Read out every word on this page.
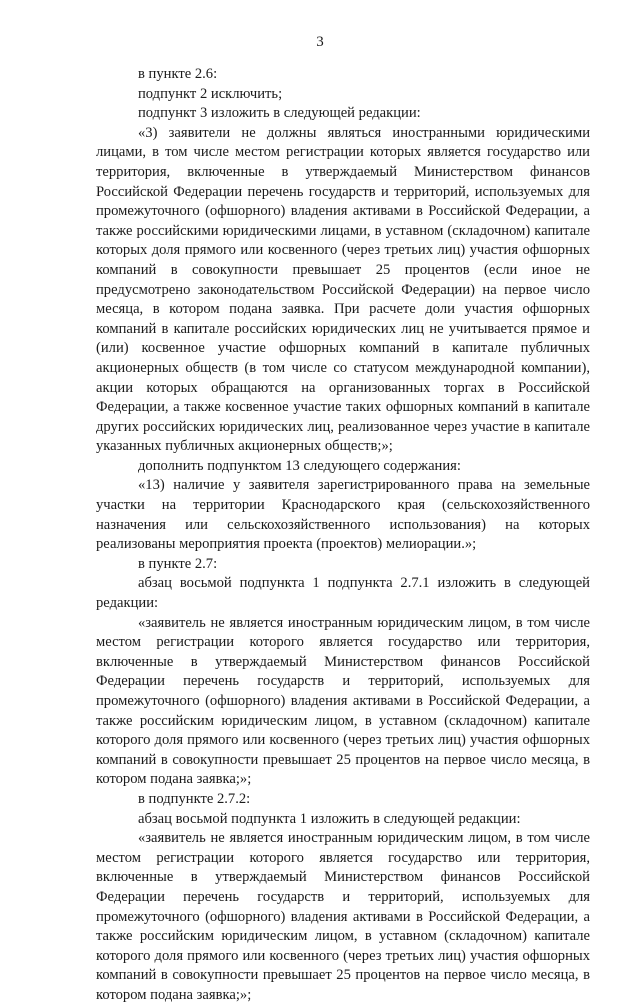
3

в пункте 2.6:

подпункт 2 исключить;

подпункт 3 изложить в следующей редакции:

«3) заявители не должны являться иностранными юридическими лицами, в том числе местом регистрации которых является государство или территория, включенные в утверждаемый Министерством финансов Российской Федерации перечень государств и территорий, используемых для промежуточного (офшорного) владения активами в Российской Федерации, а также российскими юридическими лицами, в уставном (складочном) капитале которых доля прямого или косвенного (через третьих лиц) участия офшорных компаний в совокупности превышает 25 процентов (если иное не предусмотрено законодательством Российской Федерации) на первое число месяца, в котором подана заявка. При расчете доли участия офшорных компаний в капитале российских юридических лиц не учитывается прямое и (или) косвенное участие офшорных компаний в капитале публичных акционерных обществ (в том числе со статусом международной компании), акции которых обращаются на организованных торгах в Российской Федерации, а также косвенное участие таких офшорных компаний в капитале других российских юридических лиц, реализованное через участие в капитале указанных публичных акционерных обществ;»;

дополнить подпунктом 13 следующего содержания:

«13) наличие у заявителя зарегистрированного права на земельные участки на территории Краснодарского края (сельскохозяйственного назначения или сельскохозяйственного использования) на которых реализованы мероприятия проекта (проектов) мелиорации.»;

в пункте 2.7:

абзац восьмой подпункта 1 подпункта 2.7.1 изложить в следующей редакции:

«заявитель не является иностранным юридическим лицом, в том числе местом регистрации которого является государство или территория, включенные в утверждаемый Министерством финансов Российской Федерации перечень государств и территорий, используемых для промежуточного (офшорного) владения активами в Российской Федерации, а также российским юридическим лицом, в уставном (складочном) капитале которого доля прямого или косвенного (через третьих лиц) участия офшорных компаний в совокупности превышает 25 процентов на первое число месяца, в котором подана заявка;»;

в подпункте 2.7.2:

абзац восьмой подпункта 1 изложить в следующей редакции:

«заявитель не является иностранным юридическим лицом, в том числе местом регистрации которого является государство или территория, включенные в утверждаемый Министерством финансов Российской Федерации перечень государств и территорий, используемых для промежуточного (офшорного) владения активами в Российской Федерации, а также российским юридическим лицом, в уставном (складочном) капитале которого доля прямого или косвенного (через третьих лиц) участия офшорных компаний в совокупности превышает 25 процентов на первое число месяца, в котором подана заявка;»;
